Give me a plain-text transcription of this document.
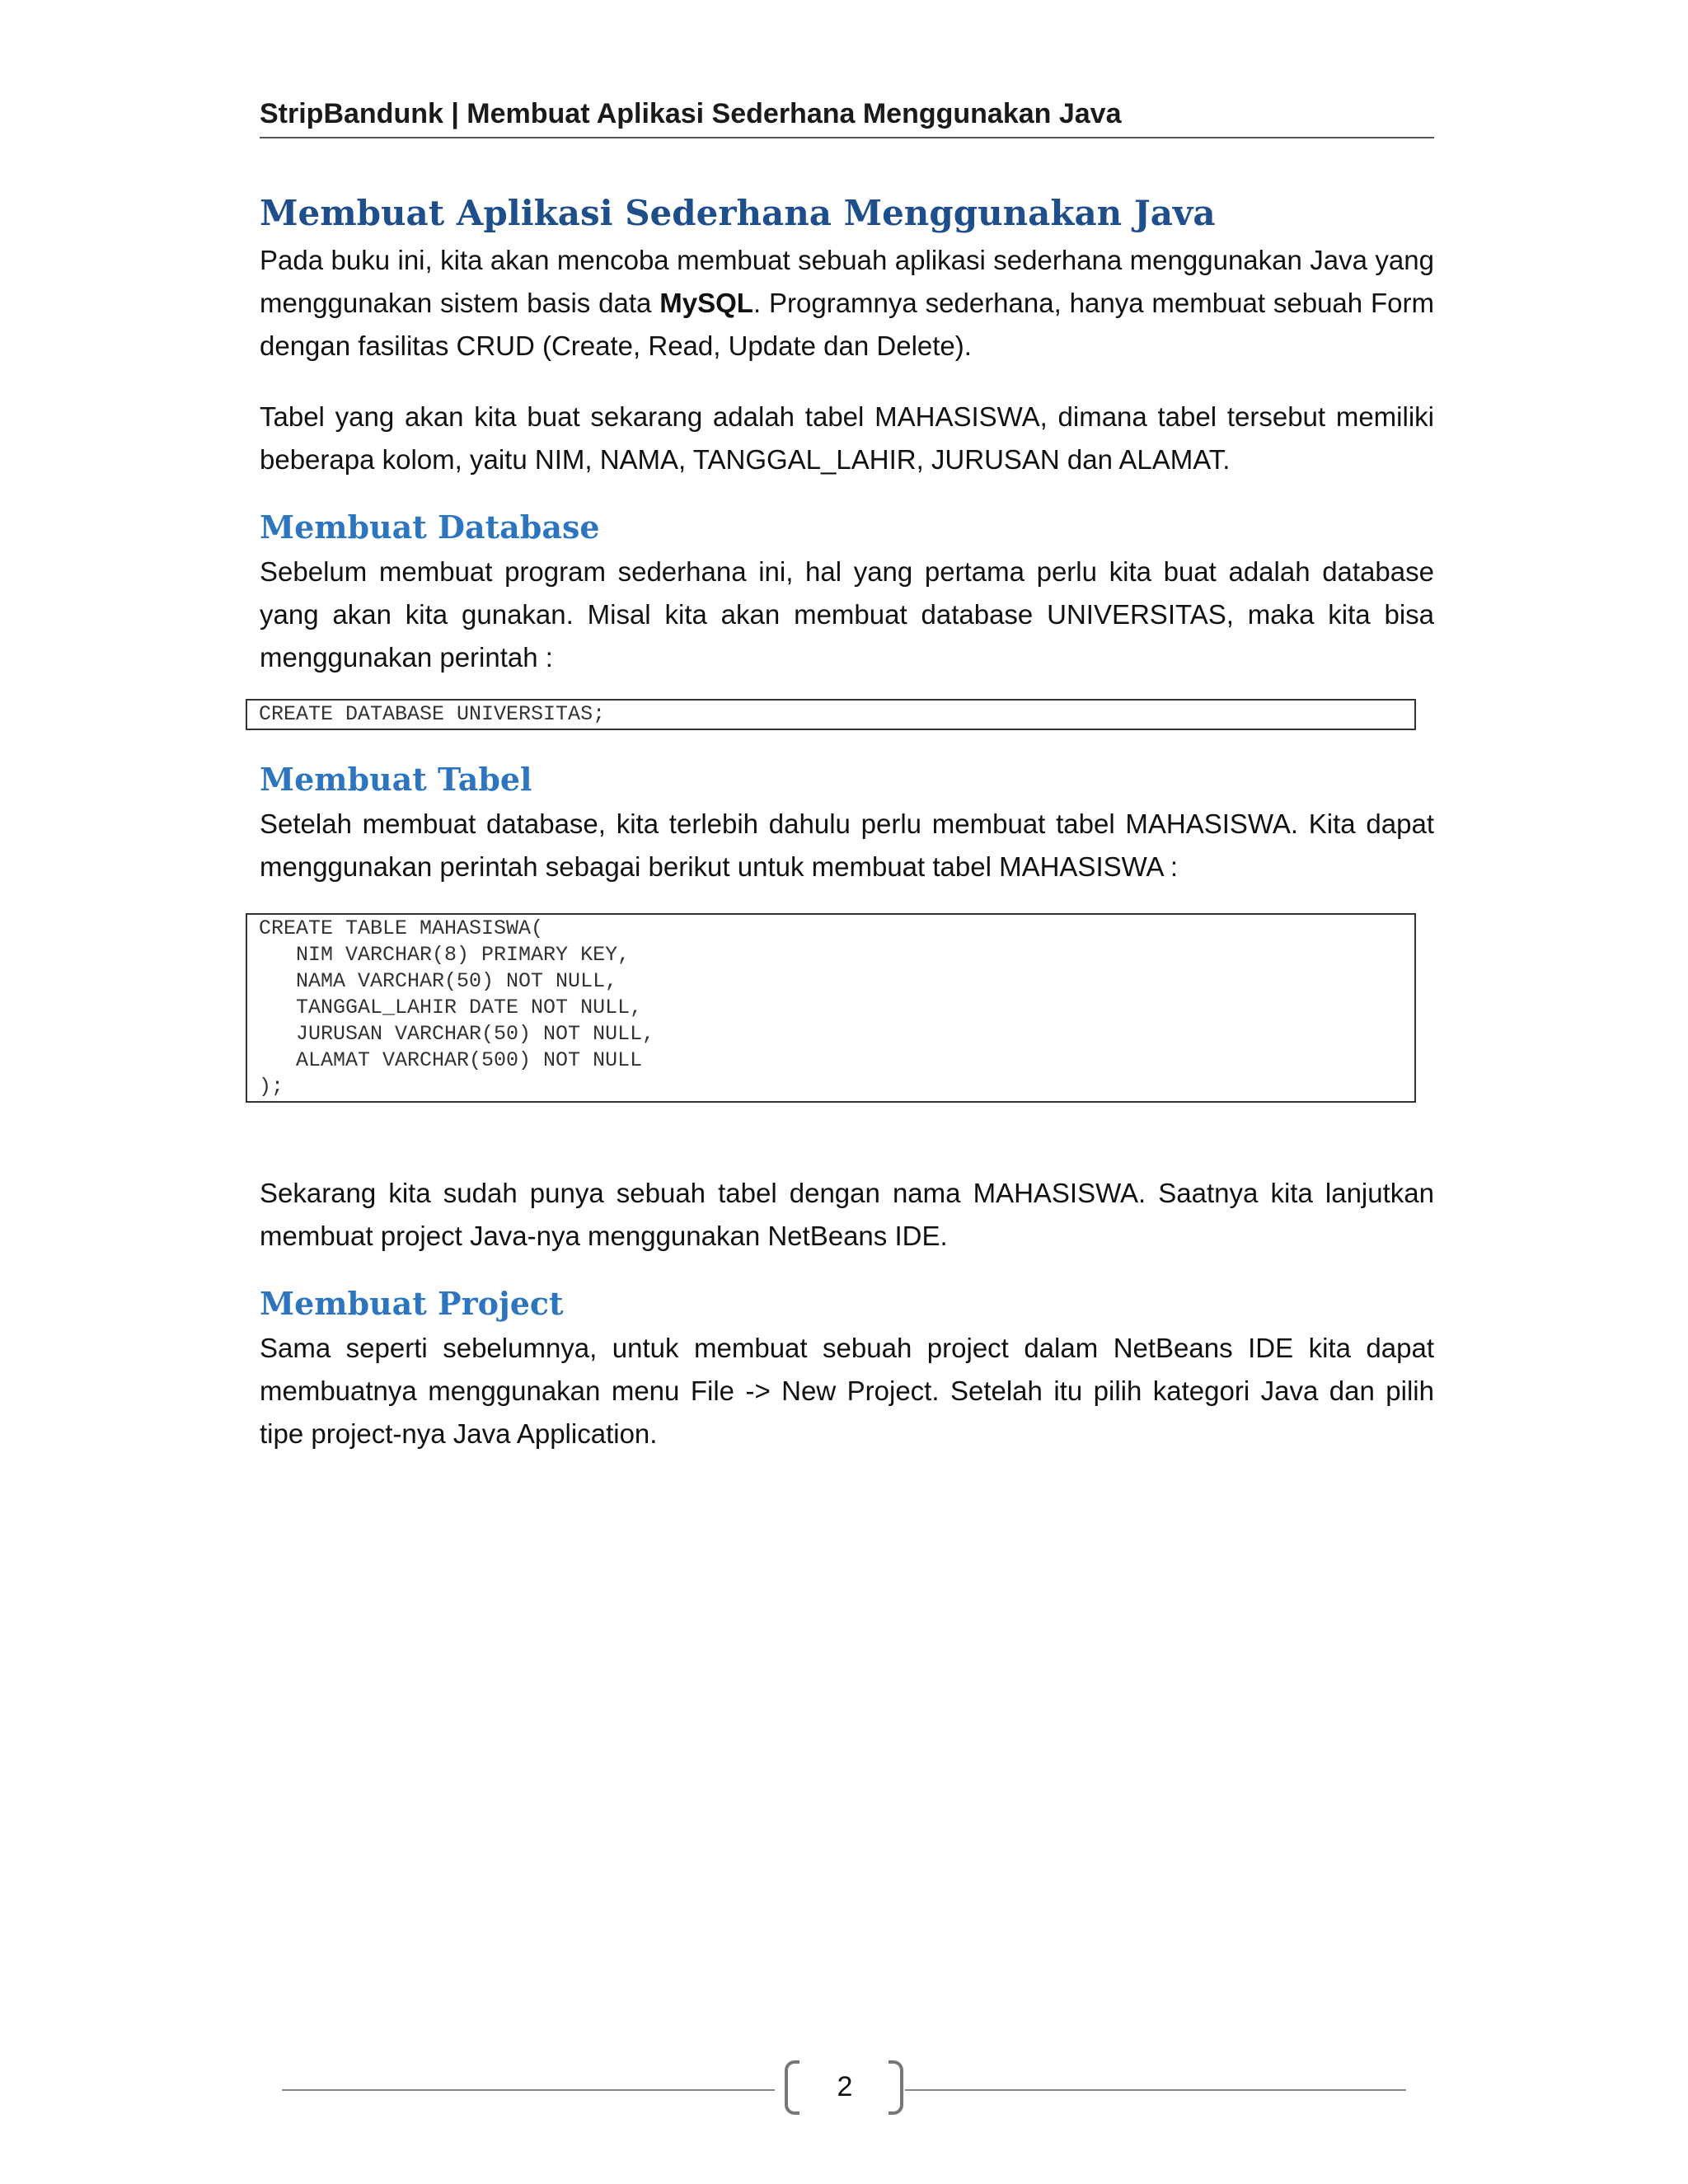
StripBandunk | Membuat Aplikasi Sederhana Menggunakan Java
Membuat Aplikasi Sederhana Menggunakan Java

Pada buku ini, kita akan mencoba membuat sebuah aplikasi sederhana menggunakan Java yang menggunakan sistem basis data MySQL. Programnya sederhana, hanya membuat sebuah Form dengan fasilitas CRUD (Create, Read, Update dan Delete).

Tabel yang akan kita buat sekarang adalah tabel MAHASISWA, dimana tabel tersebut memiliki beberapa kolom, yaitu NIM, NAMA, TANGGAL_LAHIR, JURUSAN dan ALAMAT.

Membuat Database

Sebelum membuat program sederhana ini, hal yang pertama perlu kita buat adalah database yang akan kita gunakan. Misal kita akan membuat database UNIVERSITAS, maka kita bisa menggunakan perintah :

CREATE DATABASE UNIVERSITAS;
Membuat Tabel

Setelah membuat database, kita terlebih dahulu perlu membuat tabel MAHASISWA. Kita dapat menggunakan perintah sebagai berikut untuk membuat tabel MAHASISWA :

CREATE TABLE MAHASISWA(
NIM VARCHAR(8) PRIMARY KEY,
NAMA VARCHAR(50) NOT NULL,
TANGGAL_LAHIR DATE NOT NULL,
JURUSAN VARCHAR(50) NOT NULL,
ALAMAT VARCHAR(500) NOT NULL
);

Sekarang kita sudah punya sebuah tabel dengan nama MAHASISWA. Saatnya kita lanjutkan membuat project Java-nya menggunakan NetBeans IDE.

Membuat Project

Sama seperti sebelumnya, untuk membuat sebuah project dalam NetBeans IDE kita dapat membuatnya menggunakan menu File -> New Project. Setelah itu pilih kategori Java dan pilih tipe project-nya Java Application.

2
